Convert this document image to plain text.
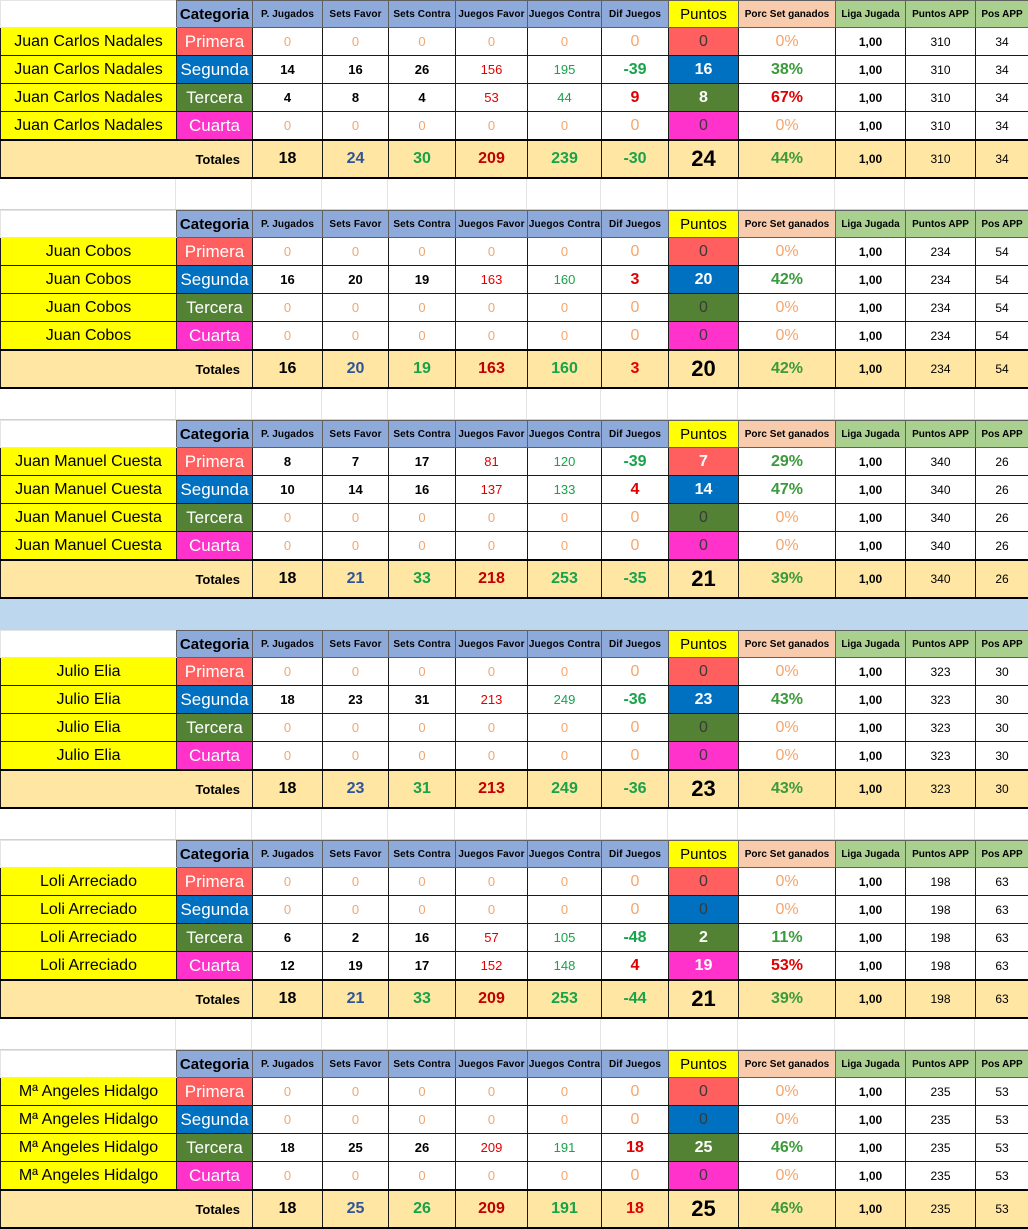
	Categoria	P. Jugados	Sets Favor	Sets Contra	Juegos Favor	Juegos Contra	Dif Juegos	Puntos	Porc Set ganados	Liga Jugada	Puntos APP	Pos APP
Juan Carlos Nadales	Primera	0	0	0	0	0	0	0	0%	1,00	310	34
Juan Carlos Nadales	Segunda	14	16	26	156	195	-39	16	38%	1,00	310	34
Juan Carlos Nadales	Tercera	4	8	4	53	44	9	8	67%	1,00	310	34
Juan Carlos Nadales	Cuarta	0	0	0	0	0	0	0	0%	1,00	310	34
Totales		18	24	30	209	239	-30	24	44%	1,00	310	34
	Categoria	P. Jugados	Sets Favor	Sets Contra	Juegos Favor	Juegos Contra	Dif Juegos	Puntos	Porc Set ganados	Liga Jugada	Puntos APP	Pos APP
Juan Cobos	Primera	0	0	0	0	0	0	0	0%	1,00	234	54
Juan Cobos	Segunda	16	20	19	163	160	3	20	42%	1,00	234	54
Juan Cobos	Tercera	0	0	0	0	0	0	0	0%	1,00	234	54
Juan Cobos	Cuarta	0	0	0	0	0	0	0	0%	1,00	234	54
Totales		16	20	19	163	160	3	20	42%	1,00	234	54
	Categoria	P. Jugados	Sets Favor	Sets Contra	Juegos Favor	Juegos Contra	Dif Juegos	Puntos	Porc Set ganados	Liga Jugada	Puntos APP	Pos APP
Juan Manuel Cuesta	Primera	8	7	17	81	120	-39	7	29%	1,00	340	26
Juan Manuel Cuesta	Segunda	10	14	16	137	133	4	14	47%	1,00	340	26
Juan Manuel Cuesta	Tercera	0	0	0	0	0	0	0	0%	1,00	340	26
Juan Manuel Cuesta	Cuarta	0	0	0	0	0	0	0	0%	1,00	340	26
Totales		18	21	33	218	253	-35	21	39%	1,00	340	26
	Categoria	P. Jugados	Sets Favor	Sets Contra	Juegos Favor	Juegos Contra	Dif Juegos	Puntos	Porc Set ganados	Liga Jugada	Puntos APP	Pos APP
Julio Elia	Primera	0	0	0	0	0	0	0	0%	1,00	323	30
Julio Elia	Segunda	18	23	31	213	249	-36	23	43%	1,00	323	30
Julio Elia	Tercera	0	0	0	0	0	0	0	0%	1,00	323	30
Julio Elia	Cuarta	0	0	0	0	0	0	0	0%	1,00	323	30
Totales		18	23	31	213	249	-36	23	43%	1,00	323	30
	Categoria	P. Jugados	Sets Favor	Sets Contra	Juegos Favor	Juegos Contra	Dif Juegos	Puntos	Porc Set ganados	Liga Jugada	Puntos APP	Pos APP
Loli Arreciado	Primera	0	0	0	0	0	0	0	0%	1,00	198	63
Loli Arreciado	Segunda	0	0	0	0	0	0	0	0%	1,00	198	63
Loli Arreciado	Tercera	6	2	16	57	105	-48	2	11%	1,00	198	63
Loli Arreciado	Cuarta	12	19	17	152	148	4	19	53%	1,00	198	63
Totales		18	21	33	209	253	-44	21	39%	1,00	198	63
	Categoria	P. Jugados	Sets Favor	Sets Contra	Juegos Favor	Juegos Contra	Dif Juegos	Puntos	Porc Set ganados	Liga Jugada	Puntos APP	Pos APP
Mª Angeles Hidalgo	Primera	0	0	0	0	0	0	0	0%	1,00	235	53
Mª Angeles Hidalgo	Segunda	0	0	0	0	0	0	0	0%	1,00	235	53
Mª Angeles Hidalgo	Tercera	18	25	26	209	191	18	25	46%	1,00	235	53
Mª Angeles Hidalgo	Cuarta	0	0	0	0	0	0	0	0%	1,00	235	53
Totales		18	25	26	209	191	18	25	46%	1,00	235	53
